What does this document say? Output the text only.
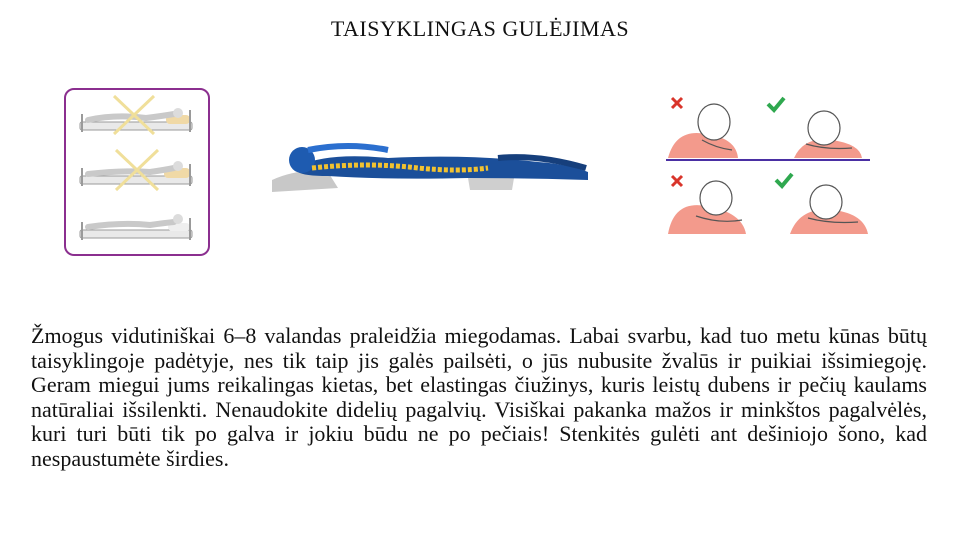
TAISYKLINGAS GULĖJIMAS
Žmogus vidutiniškai 6–8 valandas praleidžia miegodamas. Labai svarbu, kad tuo metu kūnas būtų taisyklingoje padėtyje, nes tik taip jis galės pailsėti, o jūs nubusite žvalūs ir puikiai išsimiegoję. Geram miegui jums reikalingas kietas, bet elastingas čiužinys, kuris leistų dubens ir pečių kaulams natūraliai išsilenkti. Nenaudokite didelių pagalvių. Visiškai pakanka mažos ir minkštos pagalvėlės, kuri turi būti tik po galva ir jokiu būdu ne po pečiais! Stenkitės gulėti ant dešiniojo šono, kad nespaustumėte širdies.
